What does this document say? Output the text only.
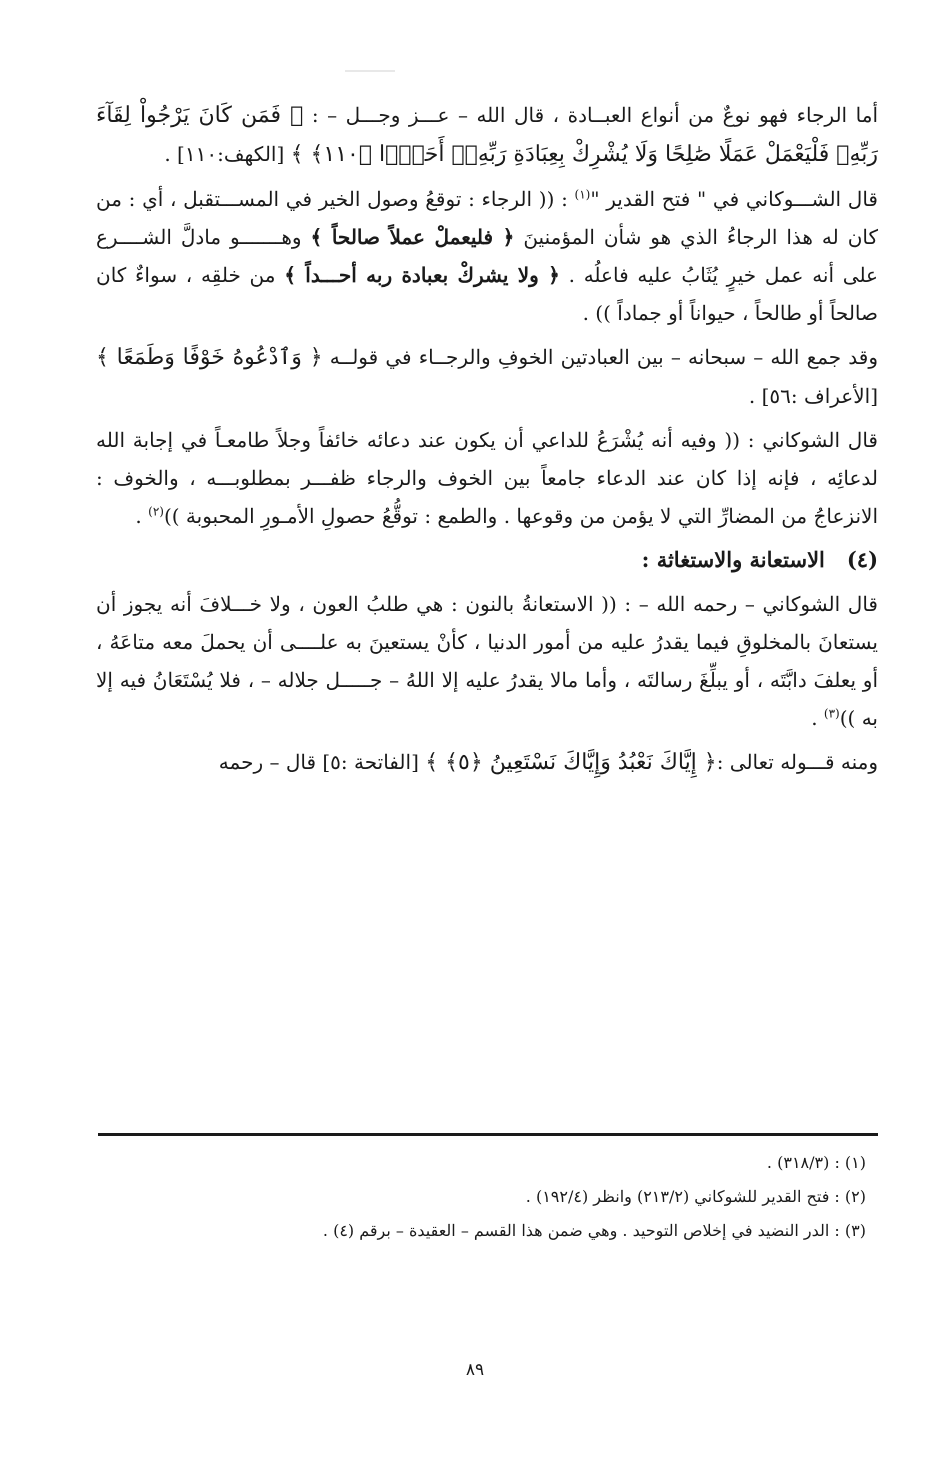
أما الرجاء فهو نوعٌ من أنواع العبــادة ، قال الله – عـــز وجـــل – : ﴿ فَمَن كَانَ يَرْجُواْ لِقَآءَ رَبِّهِۦ فَلْيَعْمَلْ عَمَلًا صَٰلِحًا وَلَا يُشْرِكْ بِعِبَادَةِ رَبِّهِۦٓ أَحَدًۢا ﴿١١٠﴾ ﴾ [الكهف:١١٠] .

قال الشـــوكاني في " فتح القدير "$^{(١)}$ : (( الرجاء : توقعُ وصول الخير في المســـتقبل ، أي : من كان له هذا الرجاءُ الذي هو شأن المؤمنينَ ﴿ فليعملْ عملاً صالحاً ﴾ وهـــــــو مادلَّ الشــــرع على أنه عمل خيرٍ يُثَابُ عليه فاعلُه . ﴿ ولا يشركْ بعبادة ربه أحـــداً ﴾ من خلقِه ، سواءٌ كان صالحاً أو طالحاً ، حيواناً أو جماداً )) .

وقد جمع الله – سبحانه – بين العبادتين الخوفِ والرجــاء في قولــه ﴿ وَٱدْعُوهُ خَوْفًا وَطَمَعًا ﴾ [الأعراف :٥٦] .

قال الشوكاني : (( وفيه أنه يُشْرَعُ للداعي أن يكون عند دعائه خائفاً وجلاً طامعـاً في إجابة الله لدعائِه ، فإنه إذا كان عند الدعاء جامعاً بين الخوف والرجاء ظفـــر بمطلوبـــه ، والخوف : الانزعاجُ من المضارِّ التي لا يؤمن من وقوعها . والطمع : توقُّعُ حصولِ الأمـورِ المحبوبة ))$^{(٢)}$ .

(٤)   الاستعانة والاستغاثة :

قال الشوكاني – رحمه الله – : (( الاستعانةُ بالنون : هي طلبُ العون ، ولا خـــلافَ أنه يجوز أن يستعانَ بالمخلوقِ فيما يقدرُ عليه من أمور الدنيا ، كأنْ يستعينَ به علــــى أن يحملَ معه متاعَهُ ، أو يعلفَ دابَّتَه ، أو يبلِّغَ رسالتَه ، وأما مالا يقدرُ عليه إلا اللهُ – جـــــل جلاله – ، فلا يُسْتَعَانُ فيه إلا به ))$^{(٣)}$ .

ومنه قـــوله تعالى :﴿ إِيَّاكَ نَعْبُدُ وَإِيَّاكَ نَسْتَعِينُ ﴿٥﴾ ﴾ [الفاتحة :٥] قال – رحمه

(١) : (٣١٨/٣) .
(٢) : فتح القدير للشوكاني (٢١٣/٢) وانظر (١٩٢/٤) .
(٣) : الدر النضيد في إخلاص التوحيد . وهي ضمن هذا القسم – العقيدة – برقم (٤) .
٨٩
